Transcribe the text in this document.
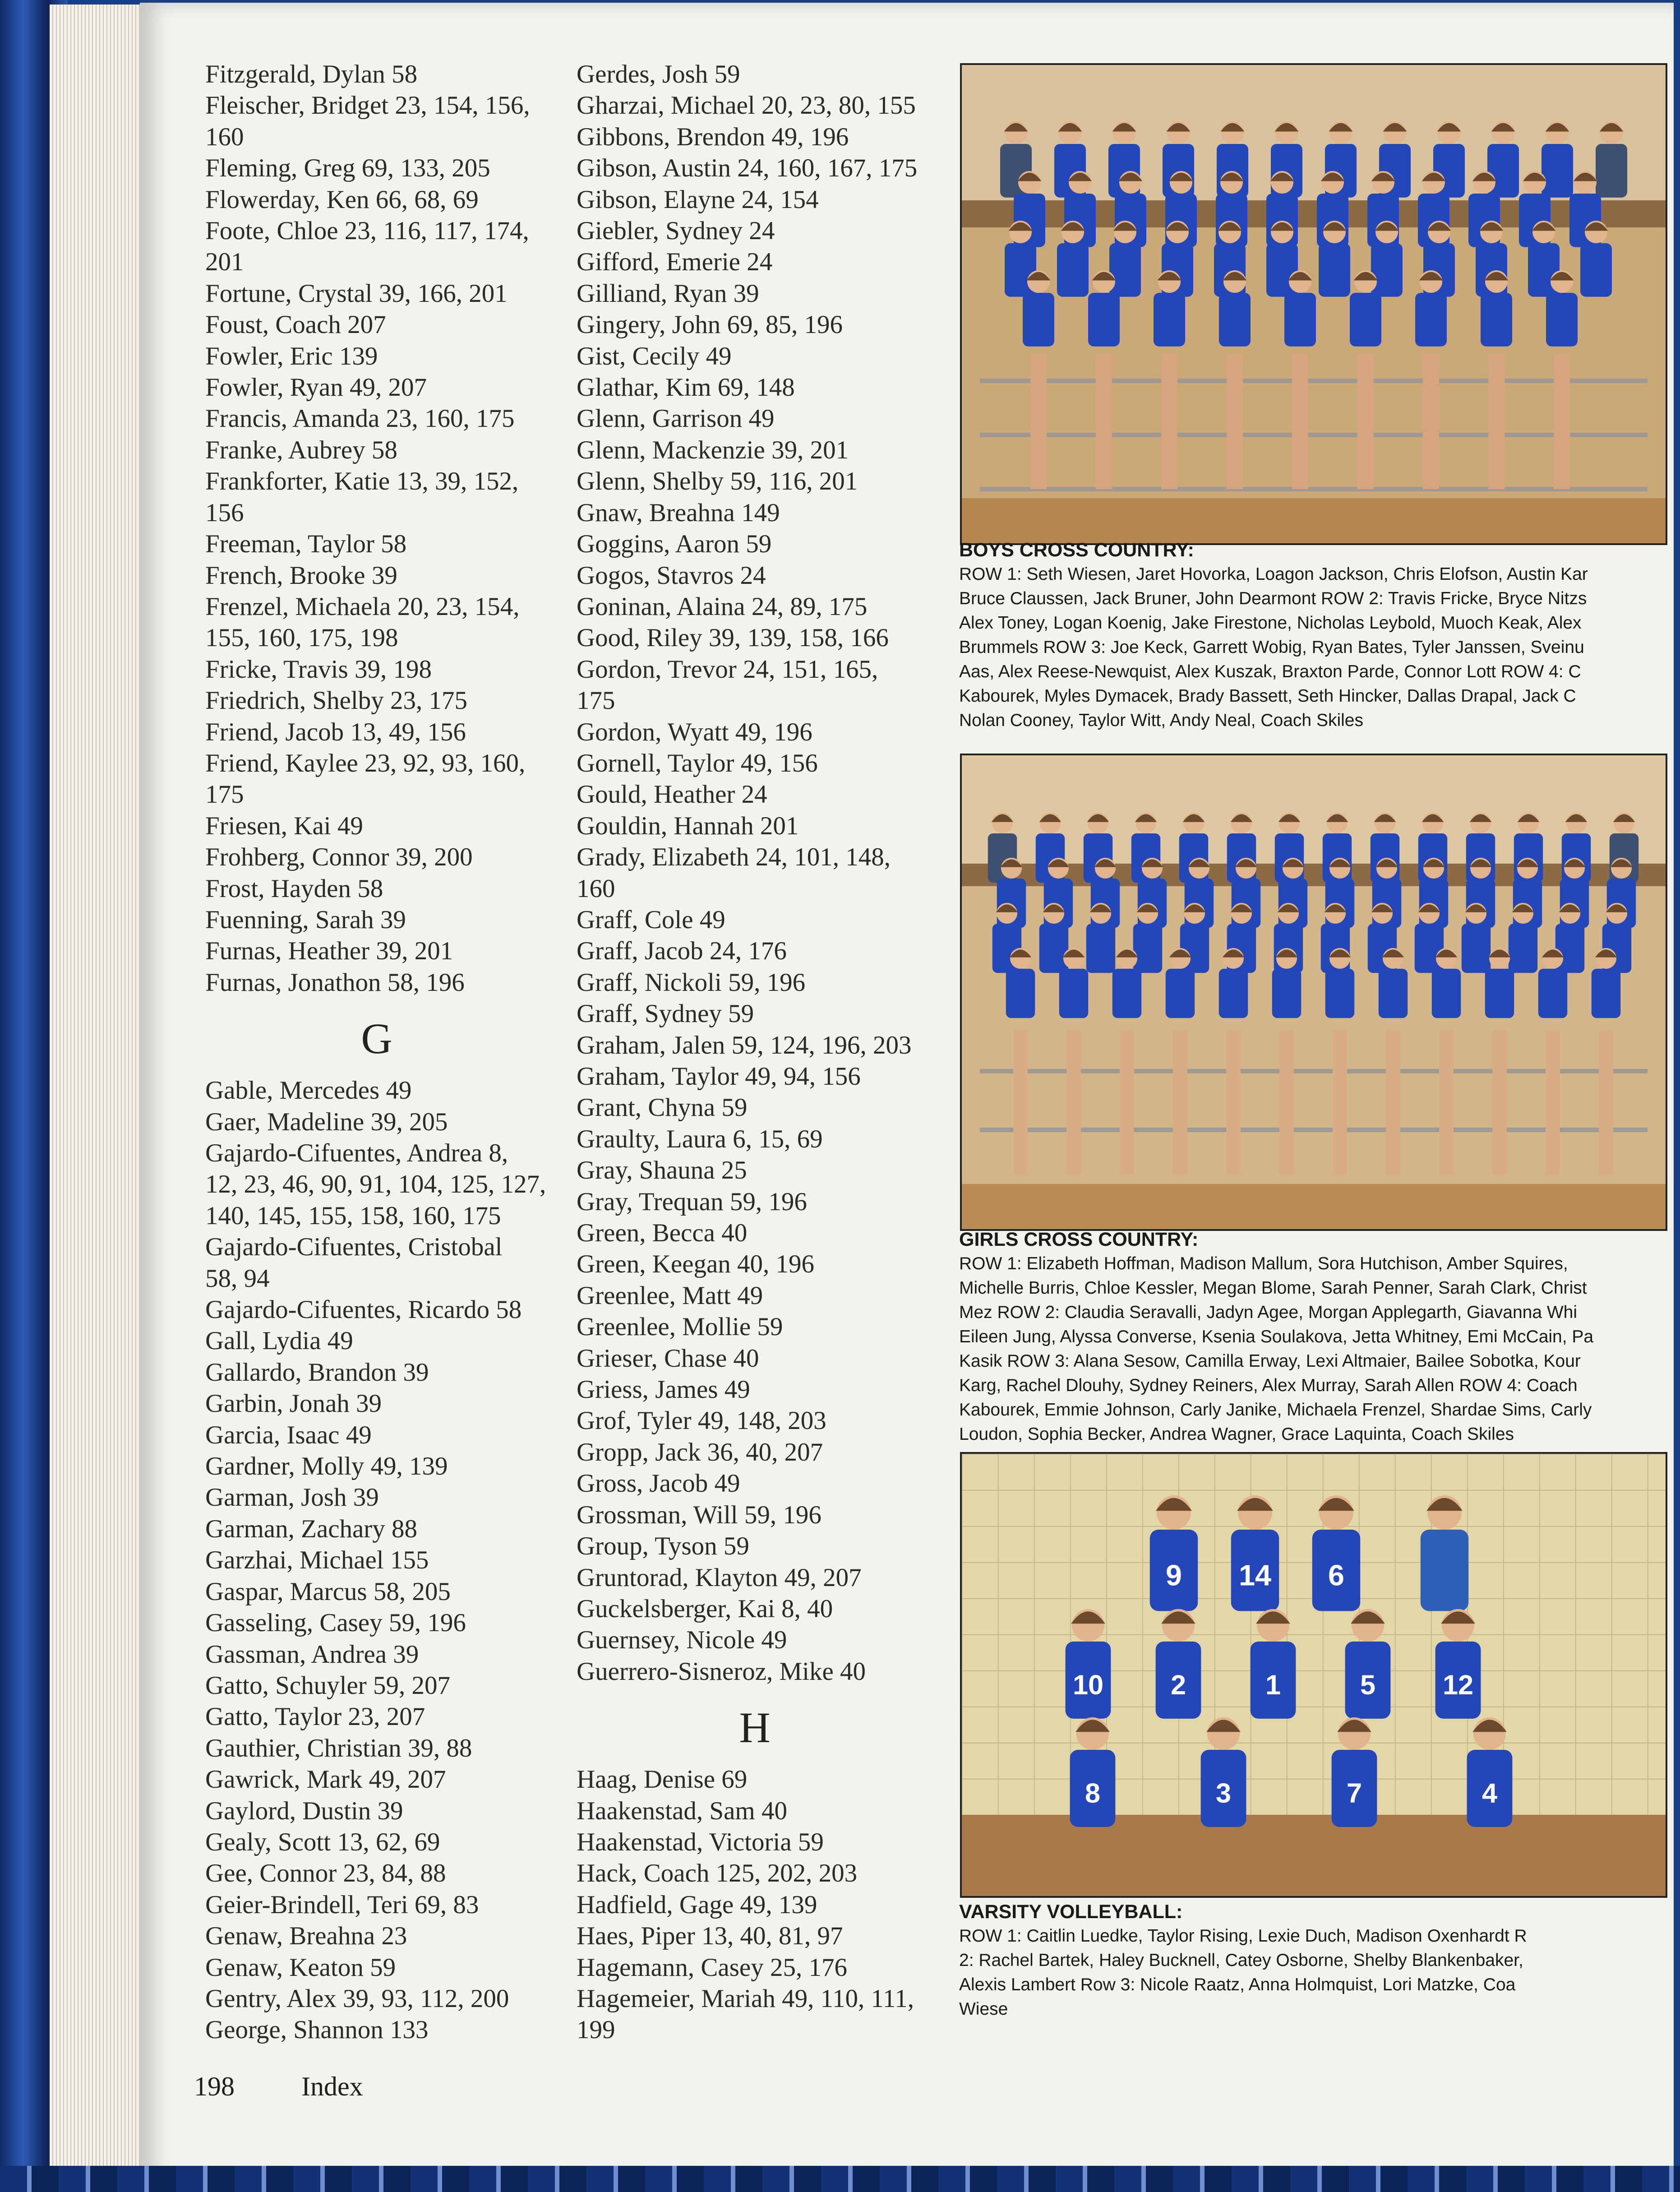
Fitzgerald, Dylan 58
Fleischer, Bridget 23, 154, 156,
160
Fleming, Greg 69, 133, 205
Flowerday, Ken 66, 68, 69
Foote, Chloe 23, 116, 117, 174,
201
Fortune, Crystal 39, 166, 201
Foust, Coach 207
Fowler, Eric 139
Fowler, Ryan 49, 207
Francis, Amanda 23, 160, 175
Franke, Aubrey 58
Frankforter, Katie 13, 39, 152,
156
Freeman, Taylor 58
French, Brooke 39
Frenzel, Michaela 20, 23, 154,
155, 160, 175, 198
Fricke, Travis 39, 198
Friedrich, Shelby 23, 175
Friend, Jacob 13, 49, 156
Friend, Kaylee 23, 92, 93, 160,
175
Friesen, Kai 49
Frohberg, Connor 39, 200
Frost, Hayden 58
Fuenning, Sarah 39
Furnas, Heather 39, 201
Furnas, Jonathon 58, 196
G
Gable, Mercedes 49
Gaer, Madeline 39, 205
Gajardo-Cifuentes, Andrea 8,
12, 23, 46, 90, 91, 104, 125, 127,
140, 145, 155, 158, 160, 175
Gajardo-Cifuentes, Cristobal
58, 94
Gajardo-Cifuentes, Ricardo 58
Gall, Lydia 49
Gallardo, Brandon 39
Garbin, Jonah 39
Garcia, Isaac 49
Gardner, Molly 49, 139
Garman, Josh 39
Garman, Zachary 88
Garzhai, Michael 155
Gaspar, Marcus 58, 205
Gasseling, Casey 59, 196
Gassman, Andrea 39
Gatto, Schuyler 59, 207
Gatto, Taylor 23, 207
Gauthier, Christian 39, 88
Gawrick, Mark 49, 207
Gaylord, Dustin 39
Gealy, Scott 13, 62, 69
Gee, Connor 23, 84, 88
Geier-Brindell, Teri 69, 83
Genaw, Breahna 23
Genaw, Keaton 59
Gentry, Alex 39, 93, 112, 200
George, Shannon 133
Gerdes, Josh 59
Gharzai, Michael 20, 23, 80, 155
Gibbons, Brendon 49, 196
Gibson, Austin 24, 160, 167, 175
Gibson, Elayne 24, 154
Giebler, Sydney 24
Gifford, Emerie 24
Gilliand, Ryan 39
Gingery, John 69, 85, 196
Gist, Cecily 49
Glathar, Kim 69, 148
Glenn, Garrison 49
Glenn, Mackenzie 39, 201
Glenn, Shelby 59, 116, 201
Gnaw, Breahna 149
Goggins, Aaron 59
Gogos, Stavros 24
Goninan, Alaina 24, 89, 175
Good, Riley 39, 139, 158, 166
Gordon, Trevor 24, 151, 165,
175
Gordon, Wyatt 49, 196
Gornell, Taylor 49, 156
Gould, Heather 24
Gouldin, Hannah 201
Grady, Elizabeth 24, 101, 148,
160
Graff, Cole 49
Graff, Jacob 24, 176
Graff, Nickoli 59, 196
Graff, Sydney 59
Graham, Jalen 59, 124, 196, 203
Graham, Taylor 49, 94, 156
Grant, Chyna 59
Graulty, Laura 6, 15, 69
Gray, Shauna 25
Gray, Trequan 59, 196
Green, Becca 40
Green, Keegan 40, 196
Greenlee, Matt 49
Greenlee, Mollie 59
Grieser, Chase 40
Griess, James 49
Grof, Tyler 49, 148, 203
Gropp, Jack 36, 40, 207
Gross, Jacob 49
Grossman, Will 59, 196
Group, Tyson 59
Gruntorad, Klayton 49, 207
Guckelsberger, Kai 8, 40
Guernsey, Nicole 49
Guerrero-Sisneroz, Mike 40
H
Haag, Denise 69
Haakenstad, Sam 40
Haakenstad, Victoria 59
Hack, Coach 125, 202, 203
Hadfield, Gage 49, 139
Haes, Piper 13, 40, 81, 97
Hagemann, Casey 25, 176
Hagemeier, Mariah 49, 110, 111,
199
BOYS CROSS COUNTRY:
ROW 1: Seth Wiesen, Jaret Hovorka, Loagon Jackson, Chris Elofson, Austin Kar
Bruce Claussen, Jack Bruner, John Dearmont ROW 2: Travis Fricke, Bryce Nitzs
Alex Toney, Logan Koenig, Jake Firestone, Nicholas Leybold, Muoch Keak, Alex
Brummels ROW 3: Joe Keck, Garrett Wobig, Ryan Bates, Tyler Janssen, Sveinu
Aas, Alex Reese-Newquist, Alex Kuszak, Braxton Parde, Connor Lott ROW 4: C
Kabourek, Myles Dymacek, Brady Bassett, Seth Hincker, Dallas Drapal, Jack C
Nolan Cooney, Taylor Witt, Andy Neal, Coach Skiles
GIRLS CROSS COUNTRY:
ROW 1: Elizabeth Hoffman, Madison Mallum, Sora Hutchison, Amber Squires,
Michelle Burris, Chloe Kessler, Megan Blome, Sarah Penner, Sarah Clark, Christ
Mez ROW 2: Claudia Seravalli, Jadyn Agee, Morgan Applegarth, Giavanna Whi
Eileen Jung, Alyssa Converse, Ksenia Soulakova, Jetta Whitney, Emi McCain, Pa
Kasik ROW 3: Alana Sesow, Camilla Erway, Lexi Altmaier, Bailee Sobotka, Kour
Karg, Rachel Dlouhy, Sydney Reiners, Alex Murray, Sarah Allen ROW 4: Coach
Kabourek, Emmie Johnson, Carly Janike, Michaela Frenzel, Shardae Sims, Carly
Loudon, Sophia Becker, Andrea Wagner, Grace Laquinta, Coach Skiles
9 14 6
10 2	1	5 12
8	3	7	4
VARSITY VOLLEYBALL:
ROW 1: Caitlin Luedke, Taylor Rising, Lexie Duch, Madison Oxenhardt R
2: Rachel Bartek, Haley Bucknell, Catey Osborne, Shelby Blankenbaker,
Alexis Lambert Row 3: Nicole Raatz, Anna Holmquist, Lori Matzke, Coa
Wiese
198 Index
